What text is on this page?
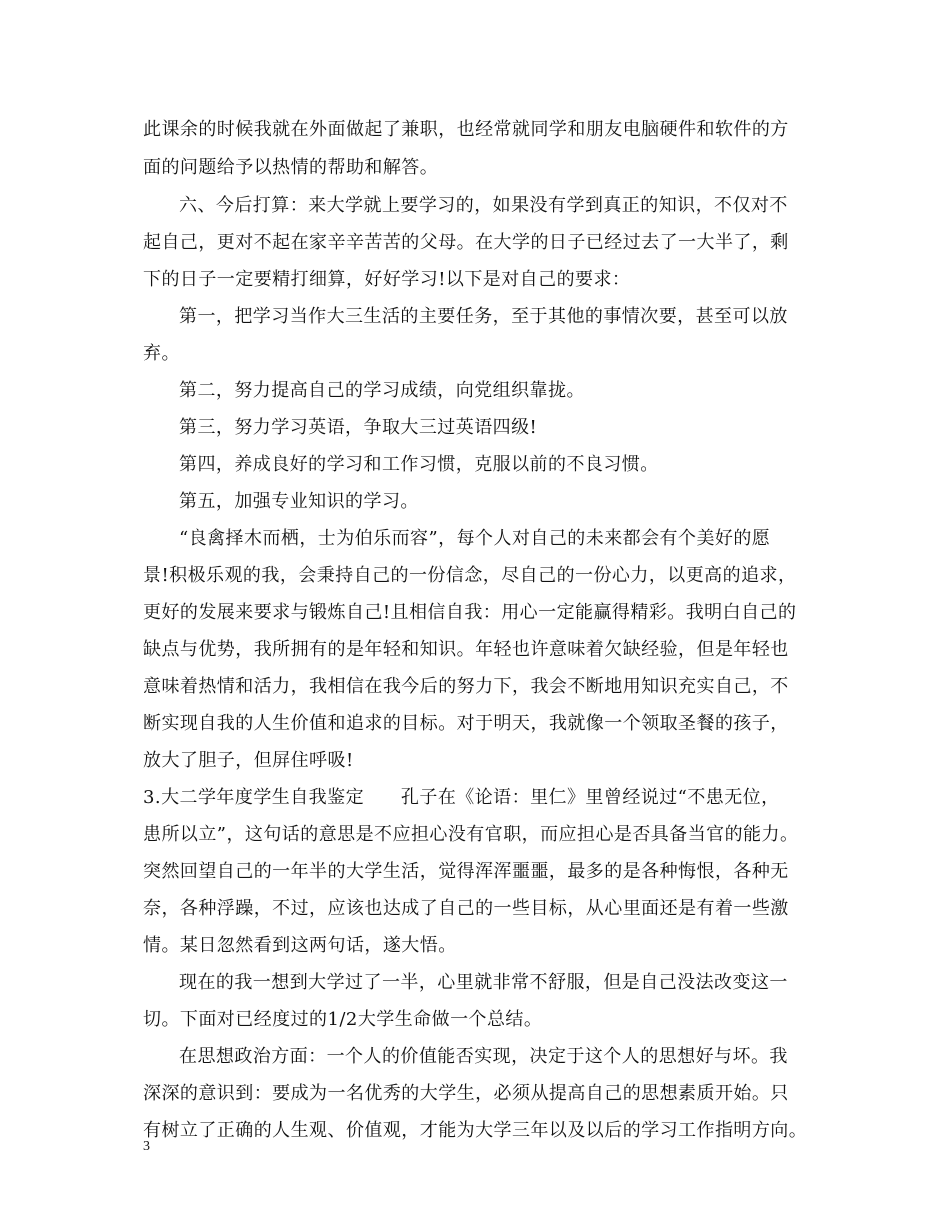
此课余的时候我就在外面做起了兼职，也经常就同学和朋友电脑硬件和软件的方
面的问题给予以热情的帮助和解答。
六、今后打算：来大学就上要学习的，如果没有学到真正的知识，不仅对不
起自己，更对不起在家辛辛苦苦的父母。在大学的日子已经过去了一大半了，剩
下的日子一定要精打细算，好好学习!以下是对自己的要求：
第一，把学习当作大三生活的主要任务，至于其他的事情次要，甚至可以放
弃。
第二，努力提高自己的学习成绩，向党组织靠拢。
第三，努力学习英语，争取大三过英语四级!
第四，养成良好的学习和工作习惯，克服以前的不良习惯。
第五，加强专业知识的学习。
“良禽择木而栖，士为伯乐而容”，每个人对自己的未来都会有个美好的愿
景!积极乐观的我，会秉持自己的一份信念，尽自己的一份心力，以更高的追求，
更好的发展来要求与锻炼自己!且相信自我：用心一定能赢得精彩。我明白自己的
缺点与优势，我所拥有的是年轻和知识。年轻也许意味着欠缺经验，但是年轻也
意味着热情和活力，我相信在我今后的努力下，我会不断地用知识充实自己，不
断实现自我的人生价值和追求的目标。对于明天，我就像一个领取圣餐的孩子，
放大了胆子，但屏住呼吸!
3.大二学年度学生自我鉴定　　孔子在《论语：里仁》里曾经说过“不患无位，
患所以立”，这句话的意思是不应担心没有官职，而应担心是否具备当官的能力。
突然回望自己的一年半的大学生活，觉得浑浑噩噩，最多的是各种悔恨，各种无
奈，各种浮躁，不过，应该也达成了自己的一些目标，从心里面还是有着一些激
情。某日忽然看到这两句话，遂大悟。
现在的我一想到大学过了一半，心里就非常不舒服，但是自己没法改变这一
切。下面对已经度过的1/2大学生命做一个总结。
在思想政治方面：一个人的价值能否实现，决定于这个人的思想好与坏。我
深深的意识到：要成为一名优秀的大学生，必须从提高自己的思想素质开始。只
有树立了正确的人生观、价值观，才能为大学三年以及以后的学习工作指明方向。
3
